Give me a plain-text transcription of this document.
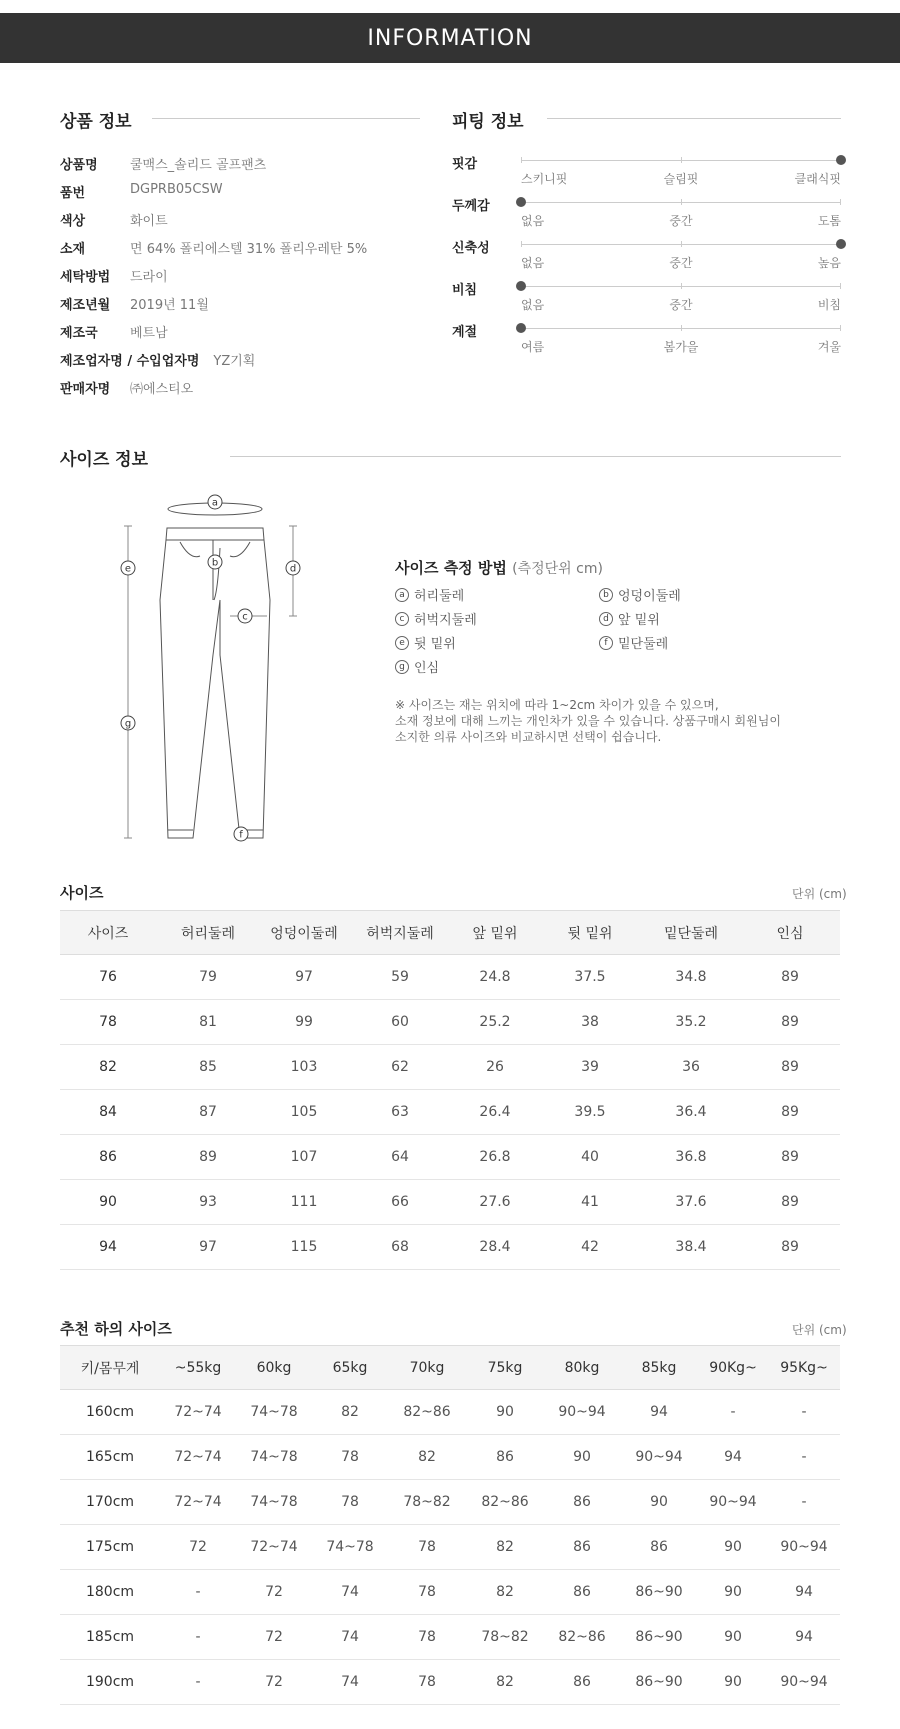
INFORMATION
상품 정보
상품명	쿨맥스_솔리드 골프팬츠
품번	DGPRB05CSW
색상	화이트
소재	면 64% 폴리에스텔 31% 폴리우레탄 5%
세탁방법	드라이
제조년월	2019년 11월
제조국	베트남
제조업자명 / 수입업자명 YZ기획
판매자명	㈜에스티오
피팅 정보
핏감
스키니핏	슬림핏	클래식핏
두께감
없음	중간	도톰
신축성
없음	중간	높음
비침
없음	중간	비침
계절
여름	봄가을	겨울
사이즈 정보
a
b
c
d
e
f
g
사이즈 측정 방법 (측정단위 cm)
a 허리둘레	b 엉덩이둘레
c 허벅지둘레	d 앞 밑위
e 뒷 밑위	f 밑단둘레
g 인심
※ 사이즈는 재는 위치에 따라 1~2cm 차이가 있을 수 있으며,
소재 정보에 대해 느끼는 개인차가 있을 수 있습니다. 상품구매시 회원님이
소지한 의류 사이즈와 비교하시면 선택이 쉽습니다.
사이즈	단위 (cm)
사이즈	허리둘레	엉덩이둘레	허벅지둘레	앞 밑위	뒷 밑위	밑단둘레	인심
76	79	97	59	24.8	37.5	34.8	89
78	81	99	60	25.2	38	35.2	89
82	85	103	62	26	39	36	89
84	87	105	63	26.4	39.5	36.4	89
86	89	107	64	26.8	40	36.8	89
90	93	111	66	27.6	41	37.6	89
94	97	115	68	28.4	42	38.4	89
추천 하의 사이즈	단위 (cm)
키/몸무게	~55kg	60kg	65kg	70kg	75kg	80kg	85kg	90Kg~	95Kg~
160cm	72~74	74~78	82	82~86	90	90~94	94	-	-
165cm	72~74	74~78	78	82	86	90	90~94	94	-
170cm	72~74	74~78	78	78~82	82~86	86	90	90~94	-
175cm	72	72~74	74~78	78	82	86	86	90	90~94
180cm	-	72	74	78	82	86	86~90	90	94
185cm	-	72	74	78	78~82	82~86	86~90	90	94
190cm	-	72	74	78	82	86	86~90	90	90~94
